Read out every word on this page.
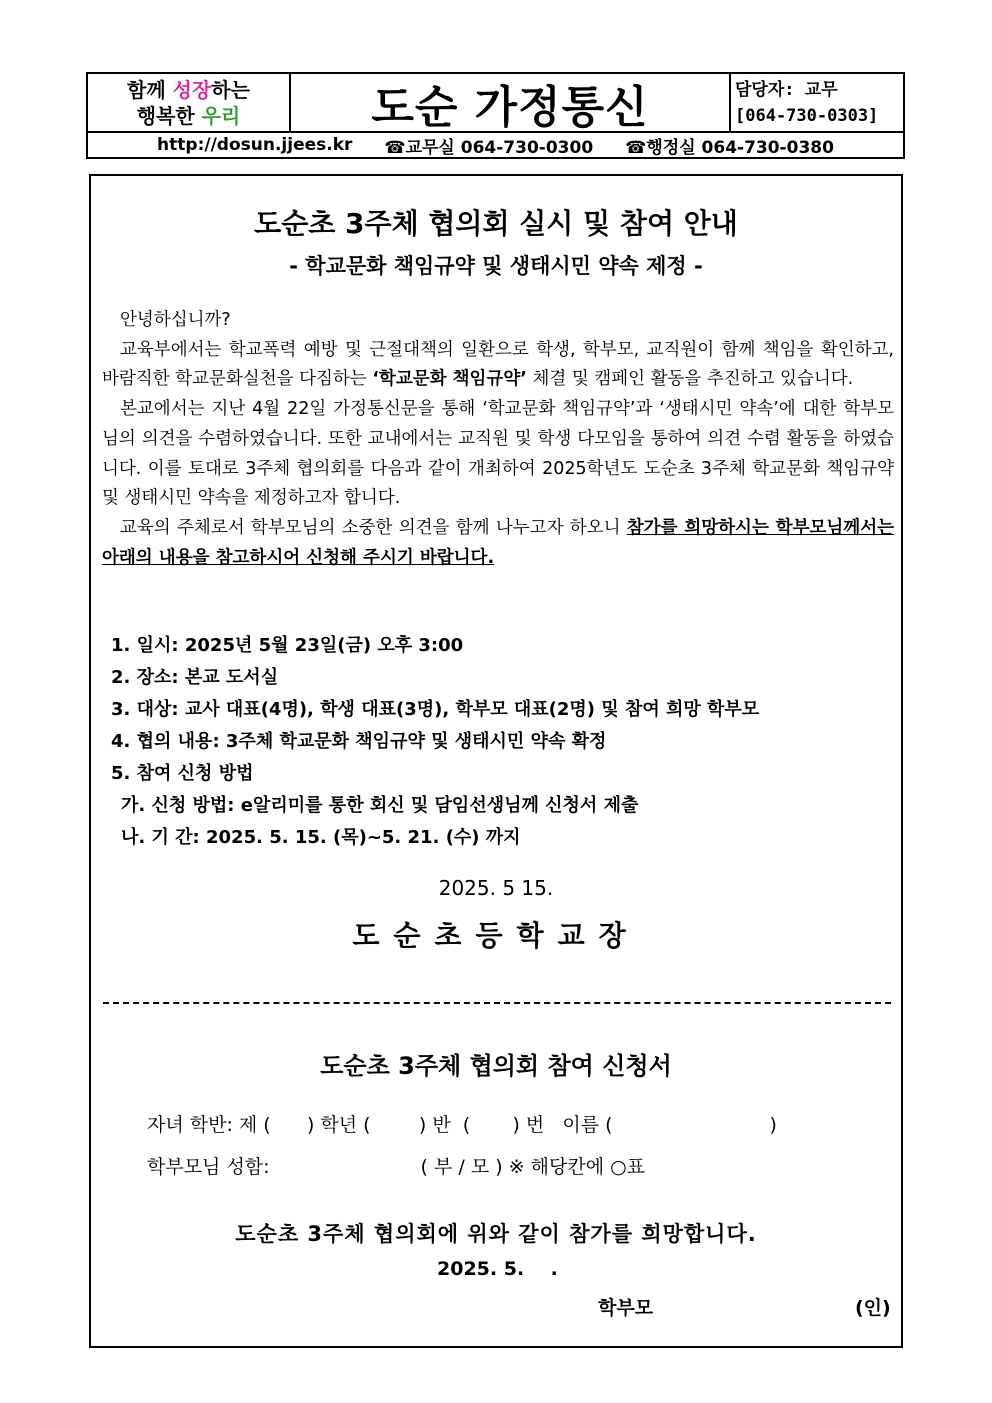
함께 성장하는
행복한 우리	도순 가정통신	담당자: 교무
[064-730-0303]
http://dosun.jjees.kr ☎교무실 064-730-0300 ☎행정실 064-730-0380
도순초 3주체 협의회 실시 및 참여 안내
- 학교문화 책임규약 및 생태시민 약속 제정 -

안녕하십니까?

교육부에서는 학교폭력 예방 및 근절대책의 일환으로 학생, 학부모, 교직원이 함께 책임을 확인하고, 바람직한 학교문화실천을 다짐하는 ‘학교문화 책임규약’ 체결 및 캠페인 활동을 추진하고 있습니다.

본교에서는 지난 4월 22일 가정통신문을 통해 ‘학교문화 책임규약’과 ‘생태시민 약속’에 대한 학부모님의 의견을 수렴하였습니다. 또한 교내에서는 교직원 및 학생 다모임을 통하여 의견 수렴 활동을 하였습니다. 이를 토대로 3주체 협의회를 다음과 같이 개최하여 2025학년도 도순초 3주체 학교문화 책임규약 및 생태시민 약속을 제정하고자 합니다.

교육의 주체로서 학부모님의 소중한 의견을 함께 나누고자 하오니 참가를 희망하시는 학부모님께서는 아래의 내용을 참고하시어 신청해 주시기 바랍니다.

1. 일시: 2025년 5월 23일(금) 오후 3:00
2. 장소: 본교 도서실
3. 대상: 교사 대표(4명), 학생 대표(3명), 학부모 대표(2명) 및 참여 희망 학부모
4. 협의 내용: 3주체 학교문화 책임규약 및 생태시민 약속 확정
5. 참여 신청 방법
가. 신청 방법: e알리미를 통한 회신 및 담임선생님께 신청서 제출
나. 기 간: 2025. 5. 15. (목)~5. 21. (수) 까지
2025. 5 15.
도순초등학교장
도순초 3주체 협의회 참여 신청서
자녀 학반: 제 (      ) 학년 (        ) 반  (       ) 번   이름 (                          )
학부모님 성함:                         ( 부 / 모 ) ※ 해당칸에 ○표
도순초 3주체 협의회에 위와 같이 참가를 희망합니다.
2025. 5.    .
학부모	(인)
